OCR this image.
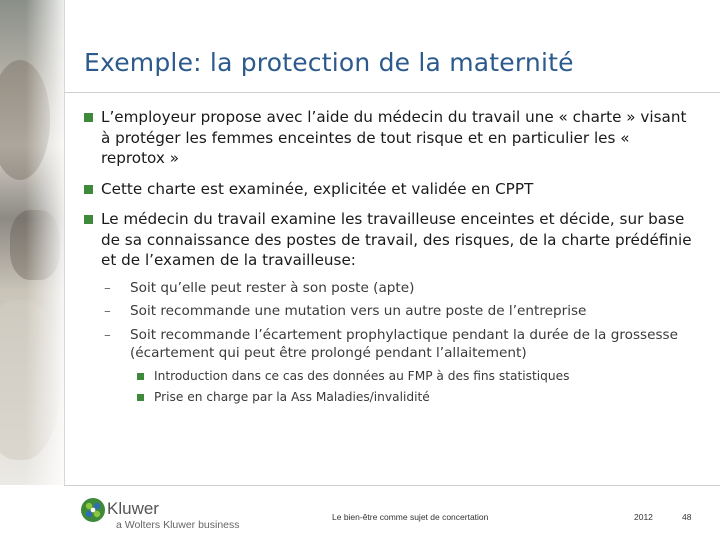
Exemple: la protection de la maternité
L’employeur propose avec l’aide du médecin du travail une « charte » visant à protéger les femmes enceintes de tout risque et en particulier les « reprotox »
Cette charte est examinée, explicitée et validée en CPPT
Le médecin du travail examine les travailleuse enceintes et décide, sur base de sa connaissance des postes de travail, des risques, de la charte prédéfinie et de l’examen de la travailleuse:
– Soit qu’elle peut rester à son poste (apte)
– Soit recommande une mutation vers un autre poste de l’entreprise
– Soit recommande l’écartement prophylactique pendant la durée de la grossesse (écartement qui peut être prolongé pendant l’allaitement)
Introduction dans ce cas des données au FMP à des fins statistiques
Prise en charge par la Ass Maladies/invalidité
Kluwer
a Wolters Kluwer business
Le bien-être comme sujet de concertation	2012	48
